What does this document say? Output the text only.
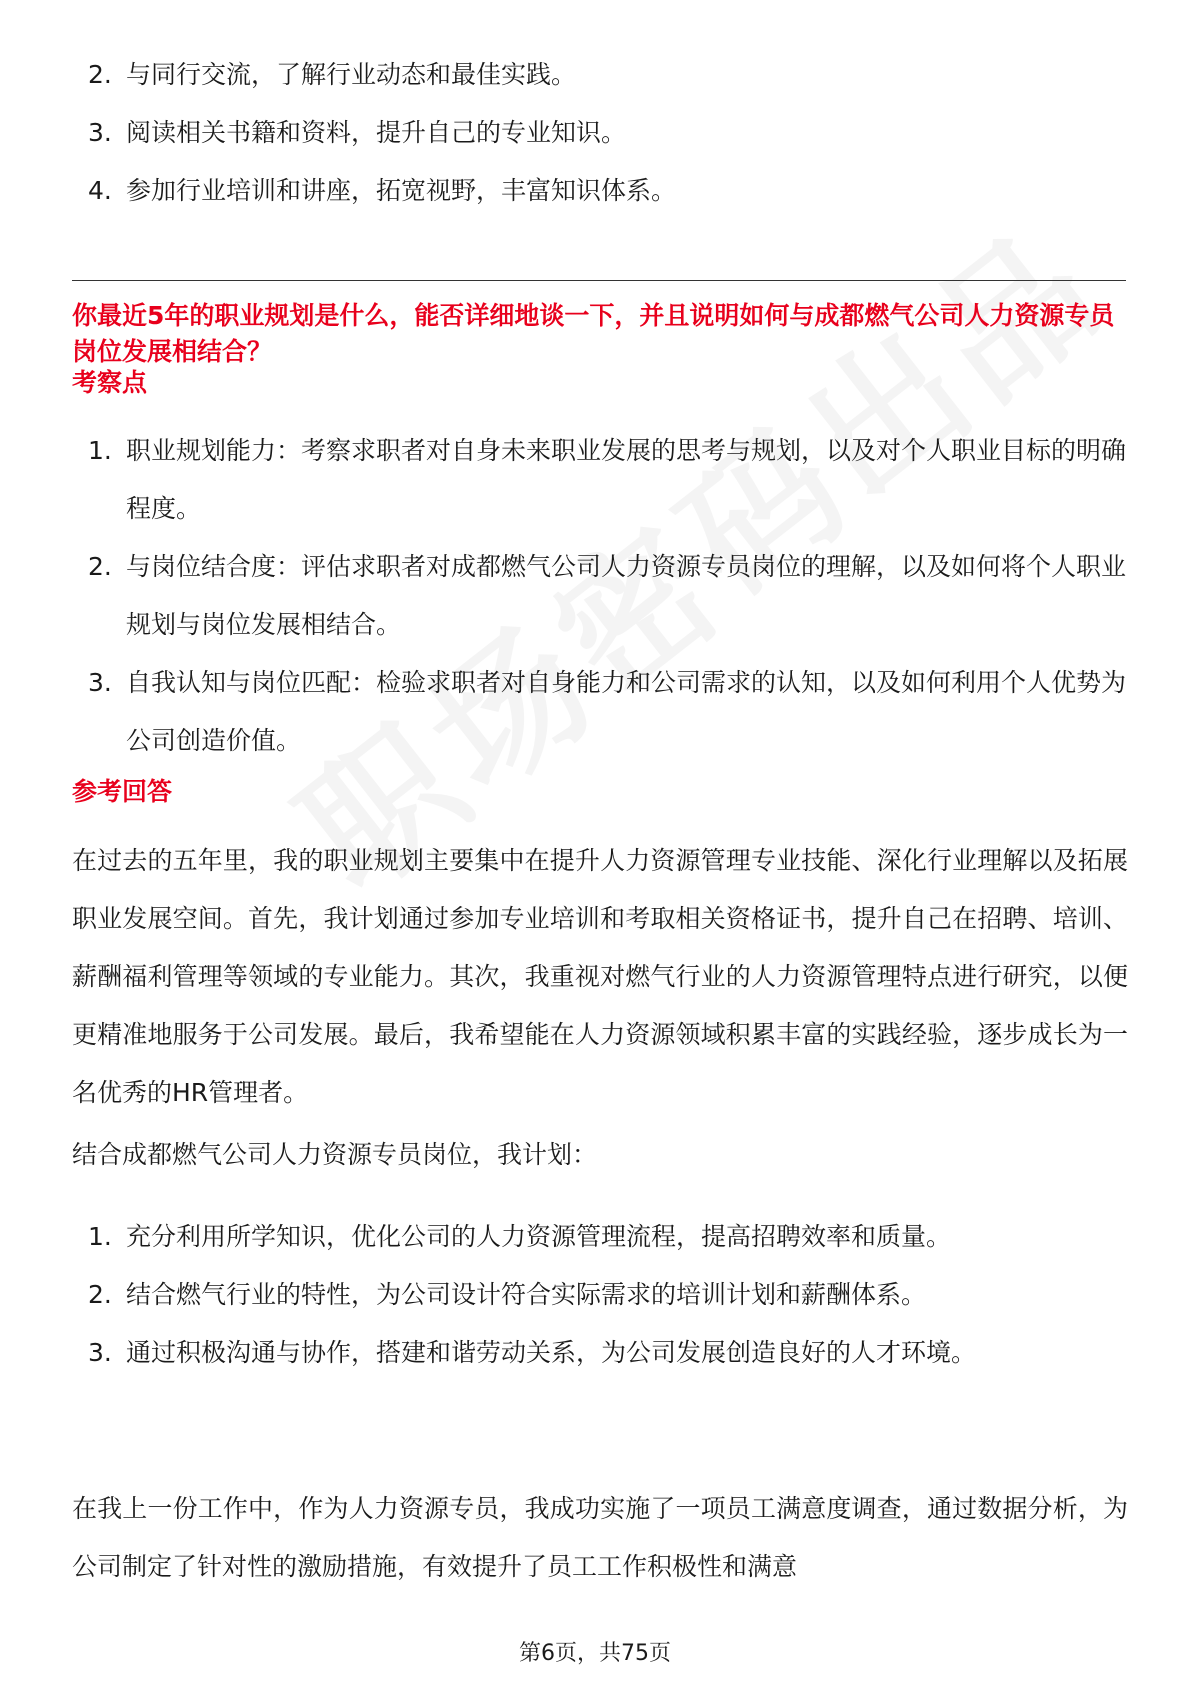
2. 与同行交流，了解行业动态和最佳实践。
3. 阅读相关书籍和资料，提升自己的专业知识。
4. 参加行业培训和讲座，拓宽视野，丰富知识体系。
你最近5年的职业规划是什么，能否详细地谈一下，并且说明如何与成都燃气公司人力资源专员岗位发展相结合？
考察点
1. 职业规划能力：考察求职者对自身未来职业发展的思考与规划，以及对个人职业目标的明确程度。
2. 与岗位结合度：评估求职者对成都燃气公司人力资源专员岗位的理解，以及如何将个人职业规划与岗位发展相结合。
3. 自我认知与岗位匹配：检验求职者对自身能力和公司需求的认知，以及如何利用个人优势为公司创造价值。
参考回答

在过去的五年里，我的职业规划主要集中在提升人力资源管理专业技能、深化行业理解以及拓展职业发展空间。首先，我计划通过参加专业培训和考取相关资格证书，提升自己在招聘、培训、薪酬福利管理等领域的专业能力。其次，我重视对燃气行业的人力资源管理特点进行研究，以便更精准地服务于公司发展。最后，我希望能在人力资源领域积累丰富的实践经验，逐步成长为一名优秀的HR管理者。

结合成都燃气公司人力资源专员岗位，我计划：

1. 充分利用所学知识，优化公司的人力资源管理流程，提高招聘效率和质量。
2. 结合燃气行业的特性，为公司设计符合实际需求的培训计划和薪酬体系。
3. 通过积极沟通与协作，搭建和谐劳动关系，为公司发展创造良好的人才环境。

在我上一份工作中，作为人力资源专员，我成功实施了一项员工满意度调查，通过数据分析，为公司制定了针对性的激励措施，有效提升了员工工作积极性和满意

第6页，共75页
